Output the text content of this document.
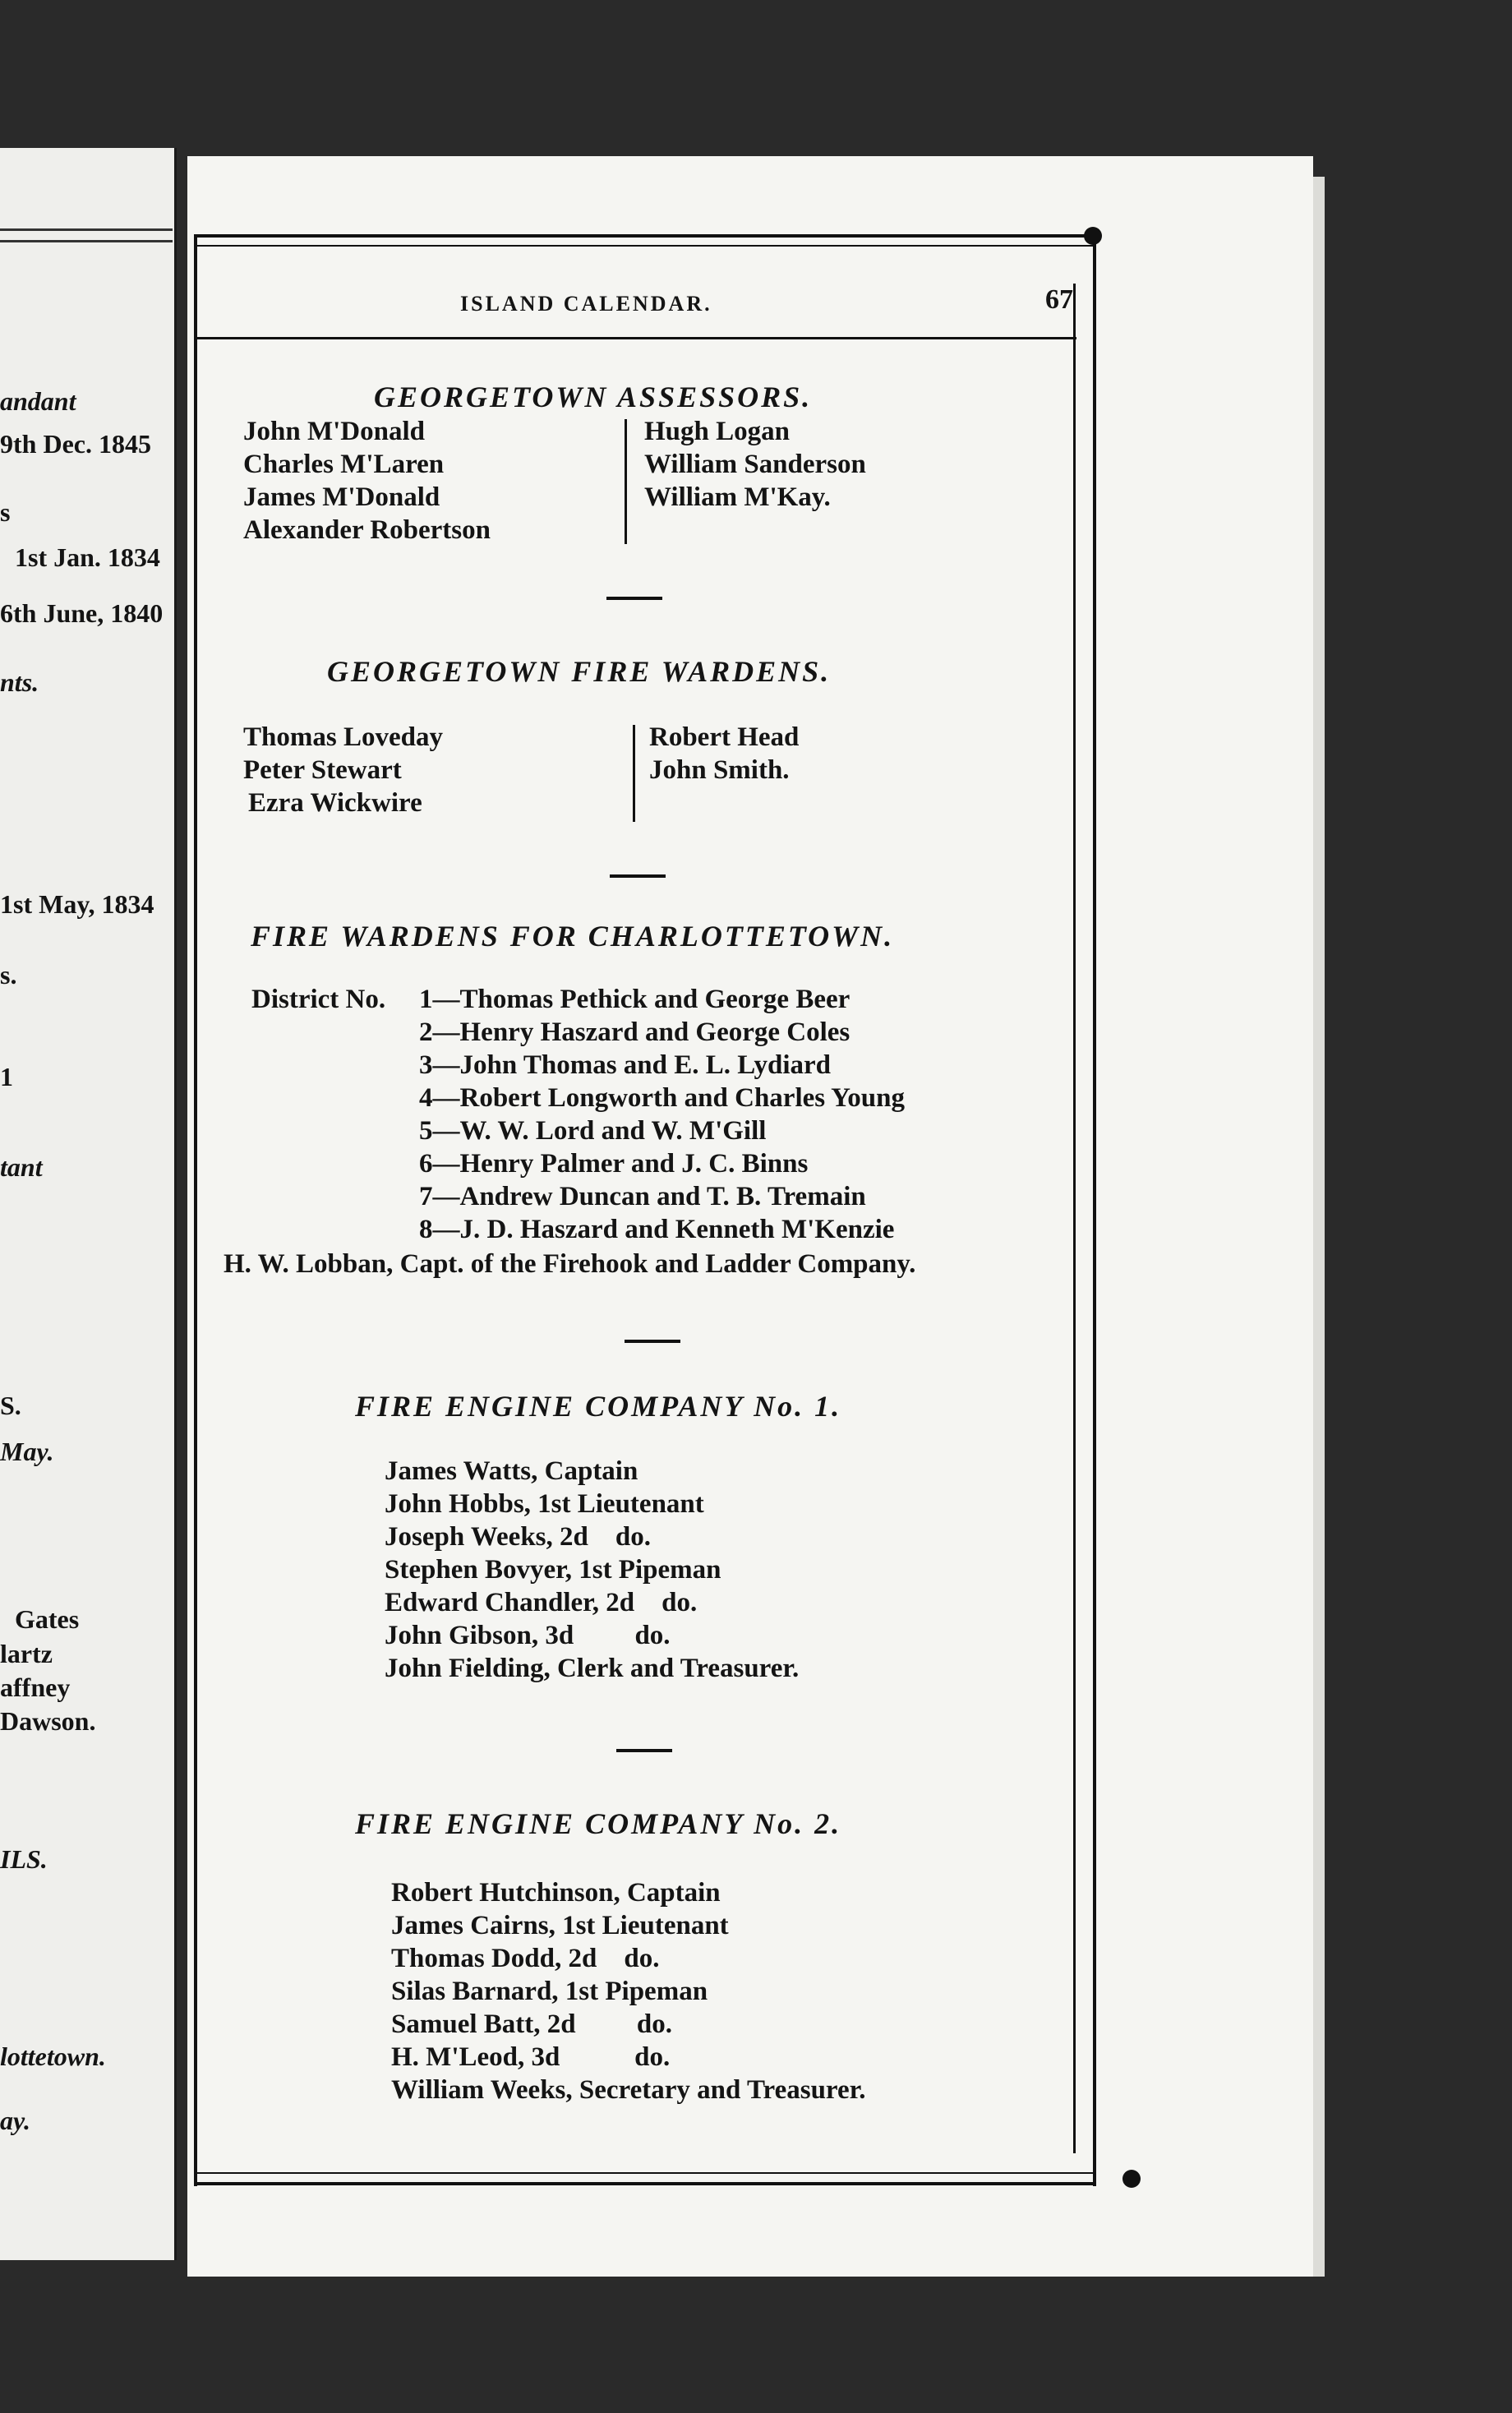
andant
9th Dec. 1845
s
1st Jan. 1834
6th June, 1840
nts.
1st May, 1834
s.
1
tant
S.
May.
Gates
lartz
affney
Dawson.
ILS.
lottetown.
ay.
ISLAND CALENDAR.	67
GEORGETOWN ASSESSORS.
John M'Donald
Charles M'Laren
James M'Donald
Alexander Robertson
Hugh Logan
William Sanderson
William M'Kay.
GEORGETOWN FIRE WARDENS.
Thomas Loveday
Peter Stewart
Ezra Wickwire
Robert Head
John Smith.
FIRE WARDENS FOR CHARLOTTETOWN.
District No. 1—Thomas Pethick and George Beer
2—Henry Haszard and George Coles
3—John Thomas and E. L. Lydiard
4—Robert Longworth and Charles Young
5—W. W. Lord and W. M'Gill
6—Henry Palmer and J. C. Binns
7—Andrew Duncan and T. B. Tremain
8—J. D. Haszard and Kenneth M'Kenzie
H. W. Lobban, Capt. of the Firehook and Ladder Company.
FIRE ENGINE COMPANY No. 1.
James Watts, Captain
John Hobbs, 1st Lieutenant
Joseph Weeks, 2d    do.
Stephen Bovyer, 1st Pipeman
Edward Chandler, 2d    do.
John Gibson, 3d         do.
John Fielding, Clerk and Treasurer.
FIRE ENGINE COMPANY No. 2.
Robert Hutchinson, Captain
James Cairns, 1st Lieutenant
Thomas Dodd, 2d    do.
Silas Barnard, 1st Pipeman
Samuel Batt, 2d         do.
H. M'Leod, 3d           do.
William Weeks, Secretary and Treasurer.
